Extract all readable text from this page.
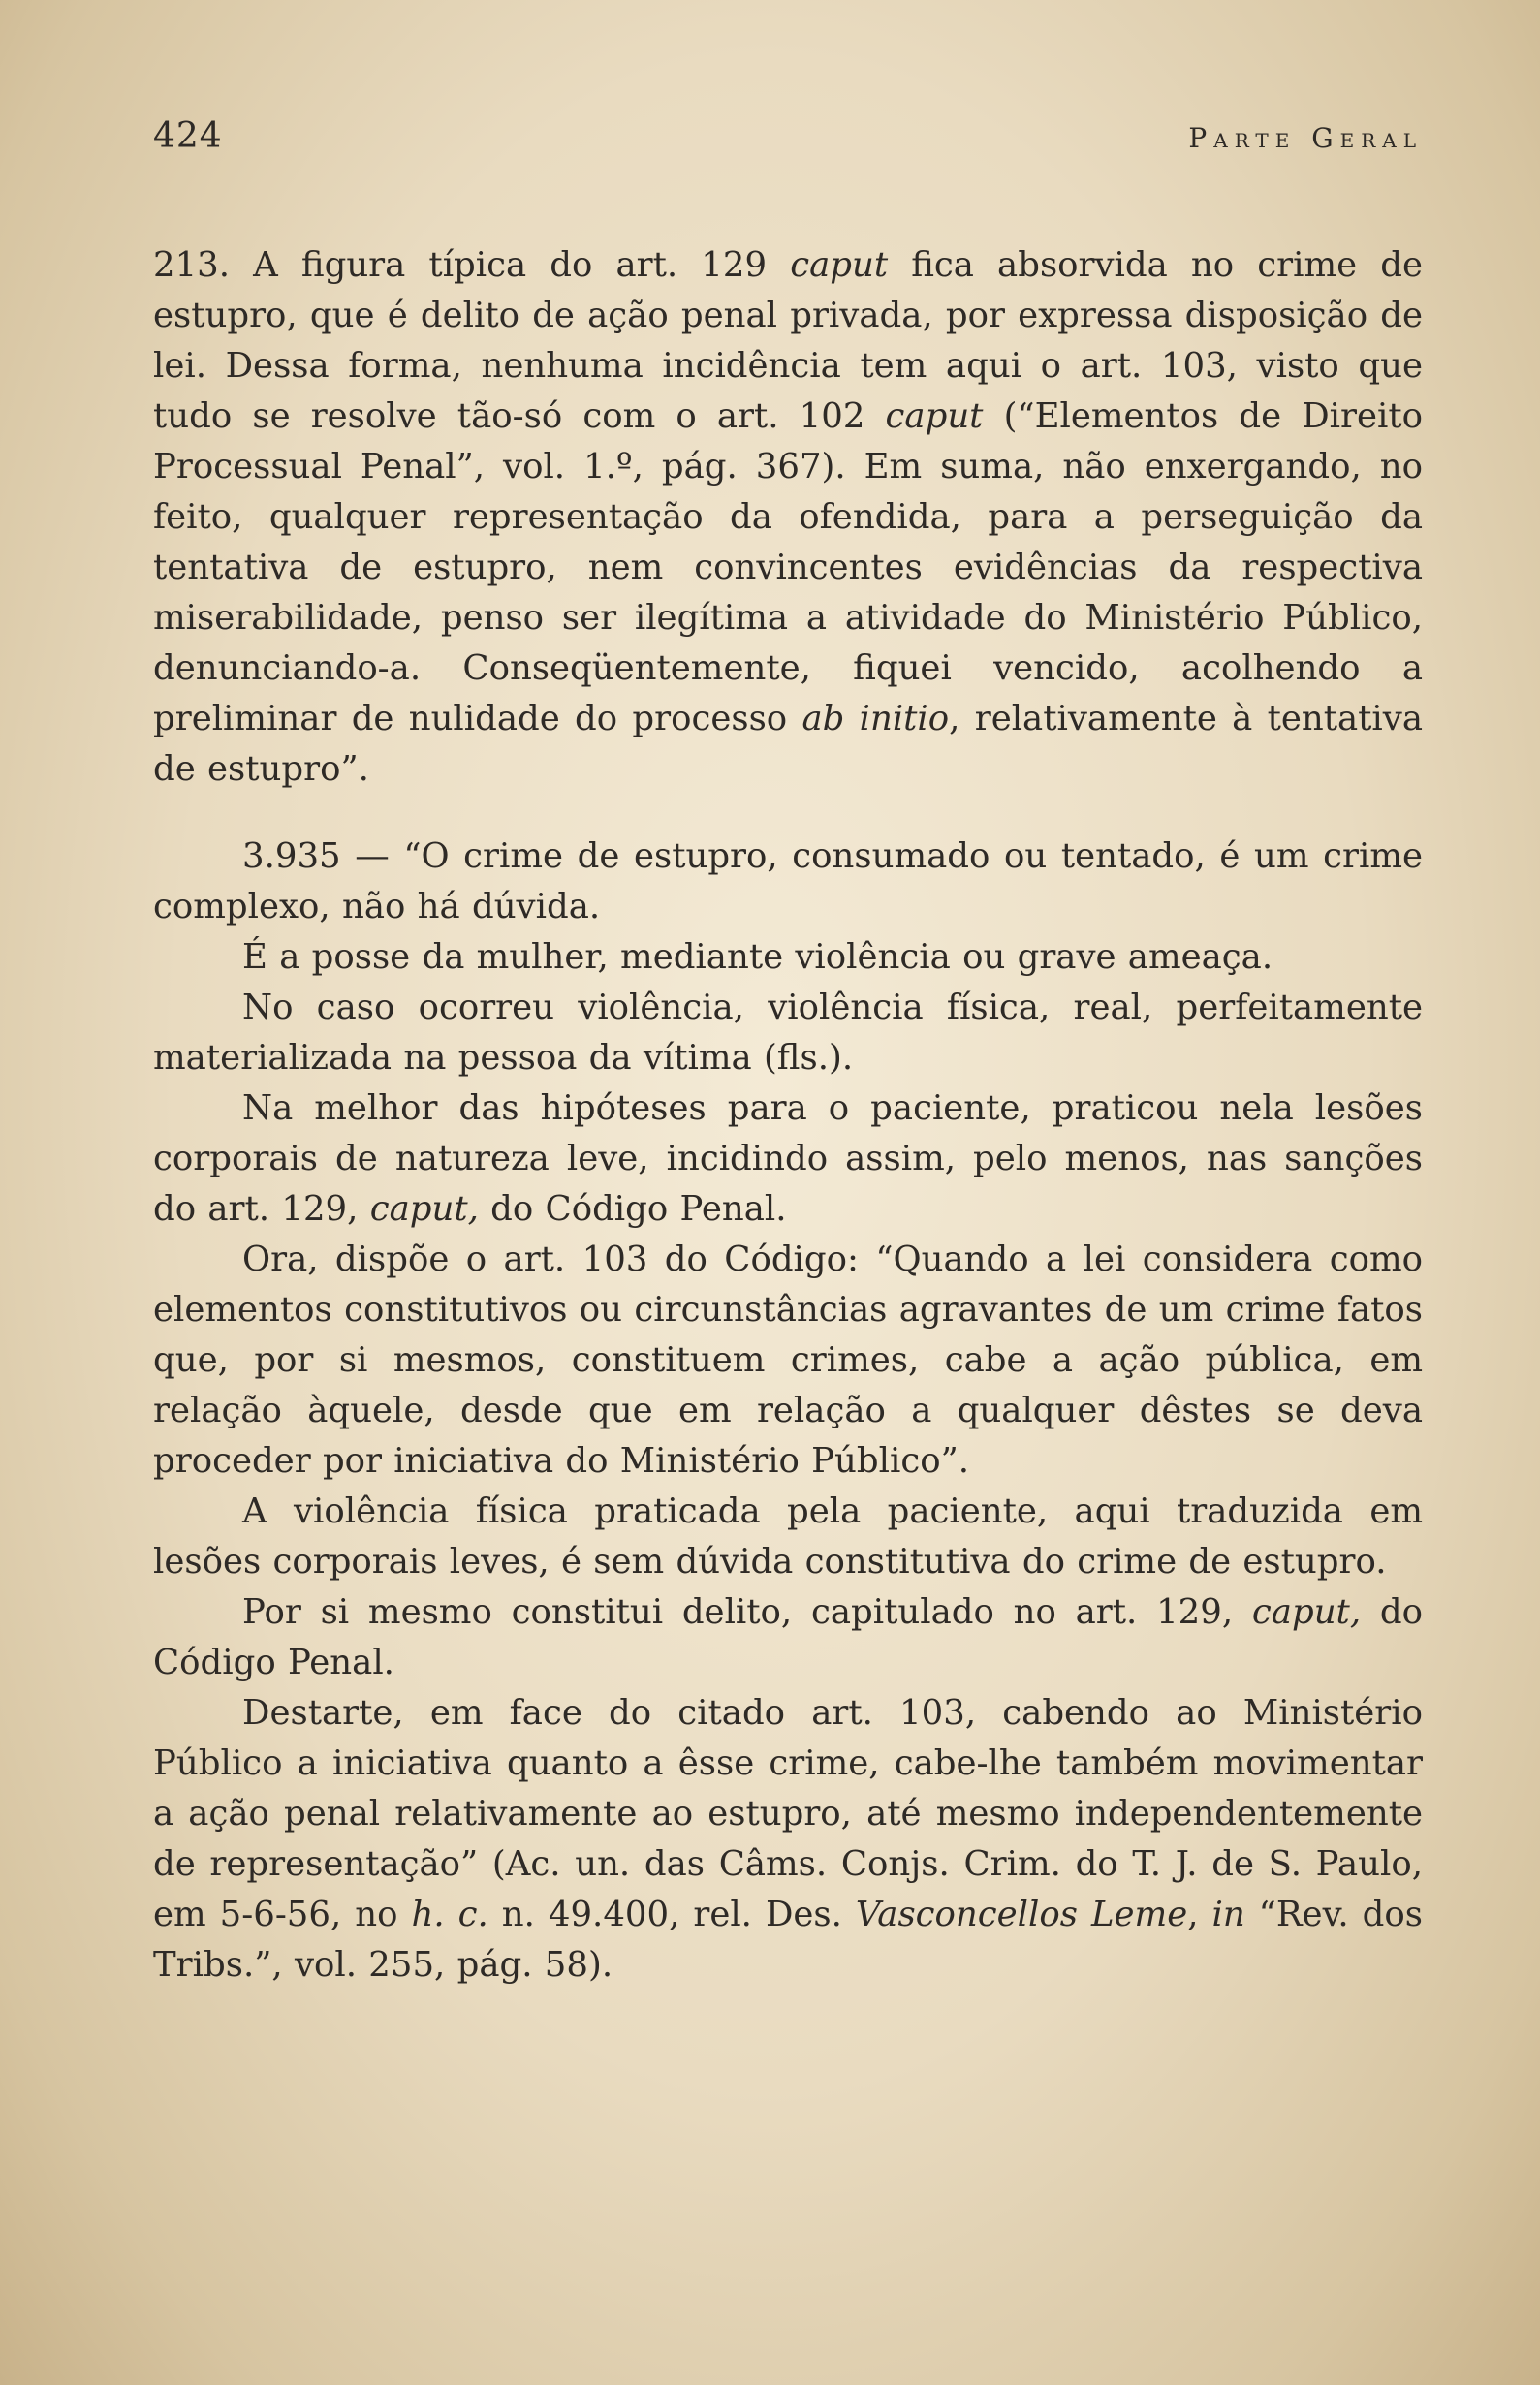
424	Parte Geral

213. A figura típica do art. 129 caput fica absorvida no crime de estupro, que é delito de ação penal privada, por expressa disposição de lei. Dessa forma, nenhuma incidência tem aqui o art. 103, visto que tudo se resolve tão-só com o art. 102 caput (“Elementos de Direito Processual Penal”, vol. 1.º, pág. 367). Em suma, não enxergando, no feito, qualquer representação da ofendida, para a perseguição da tentativa de estupro, nem convincentes evidências da respectiva miserabilidade, penso ser ilegítima a atividade do Ministério Público, denunciando-a. Conseqüentemente, fiquei vencido, acolhendo a preliminar de nulidade do processo ab initio, relativamente à tentativa de estupro”.

3.935 — “O crime de estupro, consumado ou tentado, é um crime complexo, não há dúvida.

É a posse da mulher, mediante violência ou grave ameaça.

No caso ocorreu violência, violência física, real, perfeitamente materializada na pessoa da vítima (fls.).

Na melhor das hipóteses para o paciente, praticou nela lesões corporais de natureza leve, incidindo assim, pelo menos, nas sanções do art. 129, caput, do Código Penal.

Ora, dispõe o art. 103 do Código: “Quando a lei considera como elementos constitutivos ou circunstâncias agravantes de um crime fatos que, por si mesmos, constituem crimes, cabe a ação pública, em relação àquele, desde que em relação a qualquer dêstes se deva proceder por iniciativa do Ministério Público”.

A violência física praticada pela paciente, aqui traduzida em lesões corporais leves, é sem dúvida constitutiva do crime de estupro.

Por si mesmo constitui delito, capitulado no art. 129, caput, do Código Penal.

Destarte, em face do citado art. 103, cabendo ao Ministério Público a iniciativa quanto a êsse crime, cabe-lhe também movimentar a ação penal relativamente ao estupro, até mesmo independentemente de representação” (Ac. un. das Câms. Conjs. Crim. do T. J. de S. Paulo, em 5-6-56, no h. c. n. 49.400, rel. Des. Vasconcellos Leme, in “Rev. dos Tribs.”, vol. 255, pág. 58).
